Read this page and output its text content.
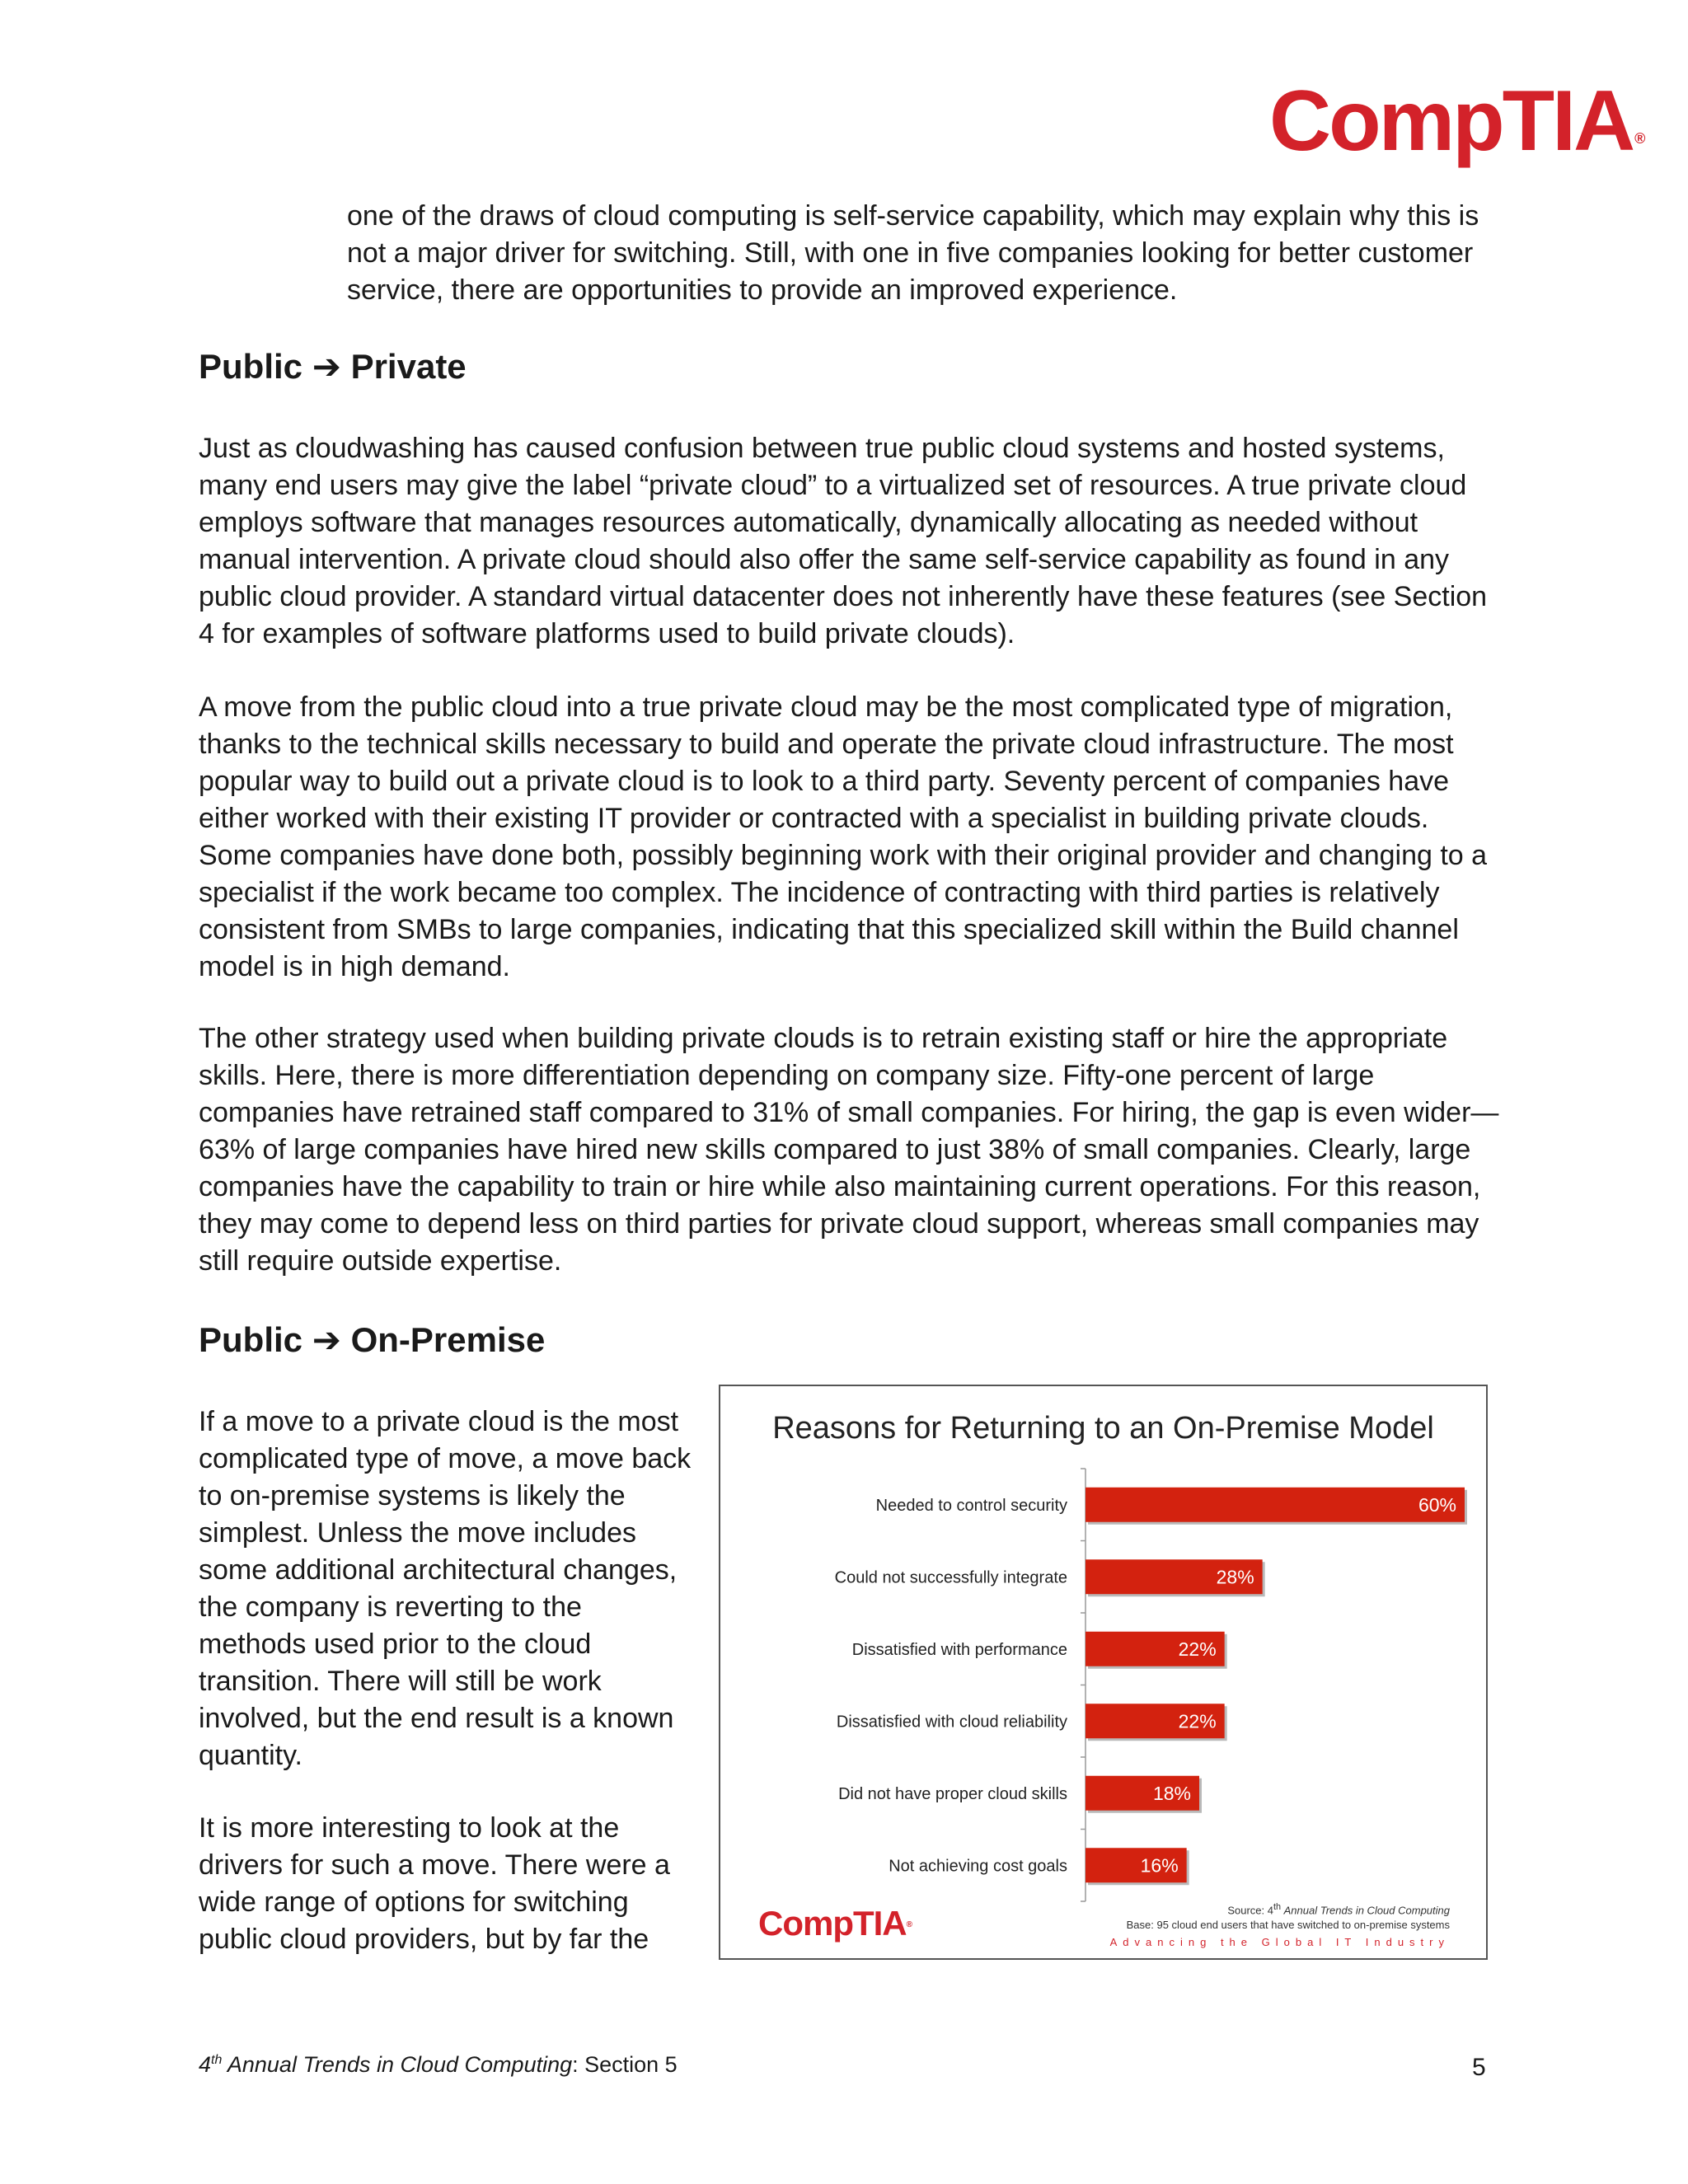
CompTIA ®

one of the draws of cloud computing is self-service capability, which may explain why this is not a major driver for switching. Still, with one in five companies looking for better customer service, there are opportunities to provide an improved experience.

Public ➔ Private

Just as cloudwashing has caused confusion between true public cloud systems and hosted systems, many end users may give the label “private cloud” to a virtualized set of resources. A true private cloud employs software that manages resources automatically, dynamically allocating as needed without manual intervention. A private cloud should also offer the same self-service capability as found in any public cloud provider. A standard virtual datacenter does not inherently have these features (see Section 4 for examples of software platforms used to build private clouds).

A move from the public cloud into a true private cloud may be the most complicated type of migration, thanks to the technical skills necessary to build and operate the private cloud infrastructure. The most popular way to build out a private cloud is to look to a third party. Seventy percent of companies have either worked with their existing IT provider or contracted with a specialist in building private clouds. Some companies have done both, possibly beginning work with their original provider and changing to a specialist if the work became too complex. The incidence of contracting with third parties is relatively consistent from SMBs to large companies, indicating that this specialized skill within the Build channel model is in high demand.

The other strategy used when building private clouds is to retrain existing staff or hire the appropriate skills. Here, there is more differentiation depending on company size. Fifty-one percent of large companies have retrained staff compared to 31% of small companies. For hiring, the gap is even wider—63% of large companies have hired new skills compared to just 38% of small companies. Clearly, large companies have the capability to train or hire while also maintaining current operations. For this reason, they may come to depend less on third parties for private cloud support, whereas small companies may still require outside expertise.

Public ➔ On-Premise

If a move to a private cloud is the most complicated type of move, a move back to on-premise systems is likely the simplest. Unless the move includes some additional architectural changes, the company is reverting to the methods used prior to the cloud transition. There will still be work involved, but the end result is a known quantity.

It is more interesting to look at the drivers for such a move. There were a wide range of options for switching public cloud providers, but by far the

Reasons for Returning to an On-Premise Model
Needed to control security	60%
Could not successfully integrate	28%
Dissatisfied with performance	22%
Dissatisfied with cloud reliability	22%
Did not have proper cloud skills	18%
Not achieving cost goals	16%
CompTIA®
Source: 4th Annual Trends in Cloud Computing
Base: 95 cloud end users that have switched to on-premise systems
Advancing the Global IT Industry
4th Annual Trends in Cloud Computing: Section 5	5
